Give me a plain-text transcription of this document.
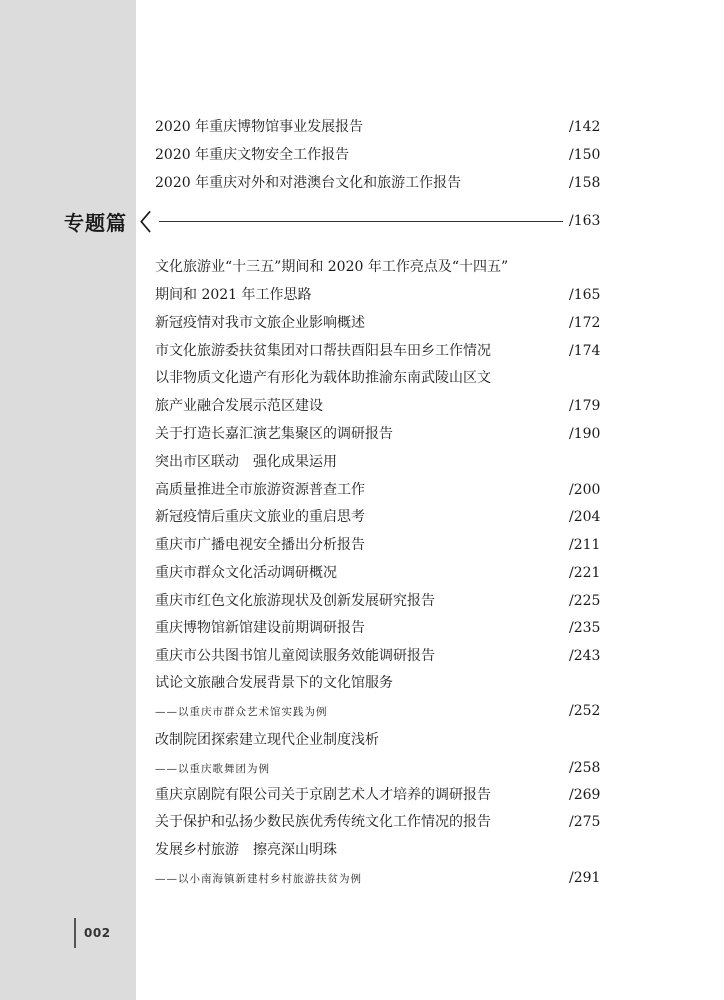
2020 年重庆博物馆事业发展报告	/142
2020 年重庆文物安全工作报告	/150
2020 年重庆对外和对港澳台文化和旅游工作报告	/158
专题篇 〈	/163
文化旅游业“十三五”期间和 2020 年工作亮点及“十四五”
期间和 2021 年工作思路	/165
新冠疫情对我市文旅企业影响概述	/172
市文化旅游委扶贫集团对口帮扶酉阳县车田乡工作情况	/174
以非物质文化遗产有形化为载体助推渝东南武陵山区文
旅产业融合发展示范区建设	/179
关于打造长嘉汇演艺集聚区的调研报告	/190
突出市区联动　强化成果运用
高质量推进全市旅游资源普查工作	/200
新冠疫情后重庆文旅业的重启思考	/204
重庆市广播电视安全播出分析报告	/211
重庆市群众文化活动调研概况	/221
重庆市红色文化旅游现状及创新发展研究报告	/225
重庆博物馆新馆建设前期调研报告	/235
重庆市公共图书馆儿童阅读服务效能调研报告	/243
试论文旅融合发展背景下的文化馆服务
——以重庆市群众艺术馆实践为例	/252
改制院团探索建立现代企业制度浅析
——以重庆歌舞团为例	/258
重庆京剧院有限公司关于京剧艺术人才培养的调研报告	/269
关于保护和弘扬少数民族优秀传统文化工作情况的报告	/275
发展乡村旅游　擦亮深山明珠
——以小南海镇新建村乡村旅游扶贫为例	/291
002
